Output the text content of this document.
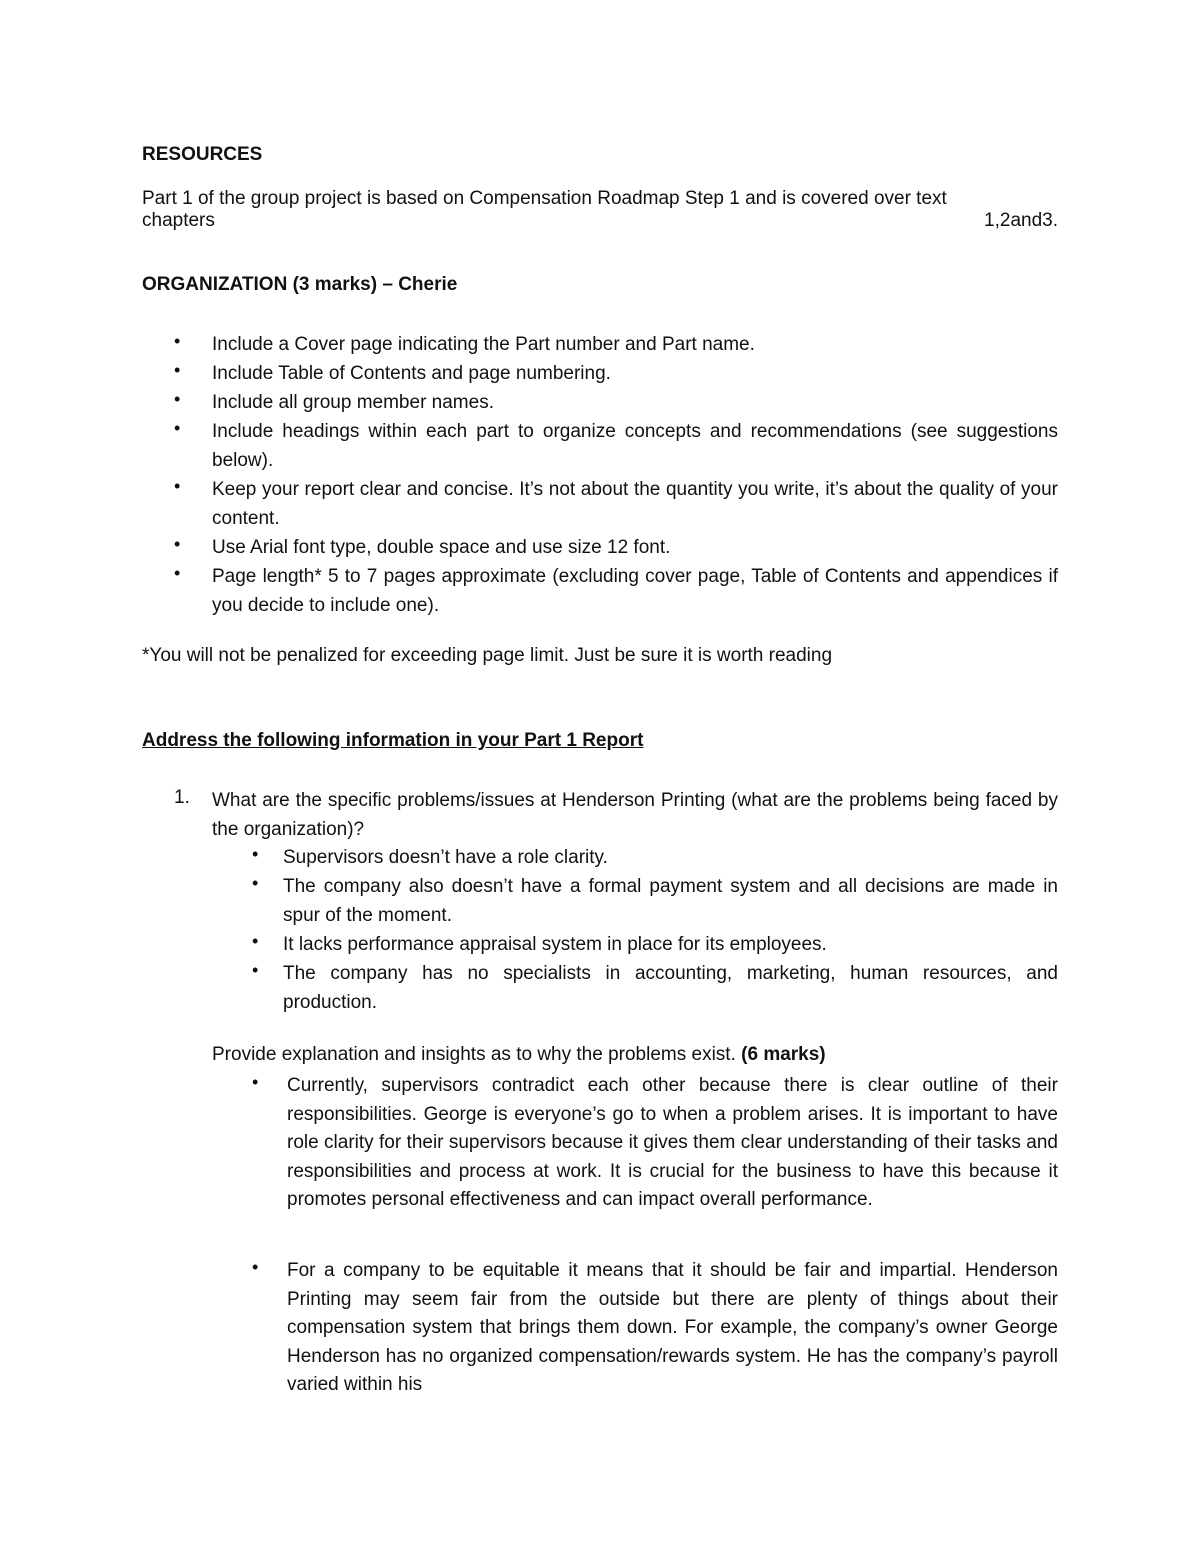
RESOURCES
Part 1 of the group project is based on Compensation Roadmap Step 1 and is covered over text
chapters	1,2and3.
ORGANIZATION (3 marks) – Cherie
• Include a Cover page indicating the Part number and Part name.
• Include Table of Contents and page numbering.
• Include all group member names.
• Include headings within each part to organize concepts and recommendations (see suggestions below).
• Keep your report clear and concise. It’s not about the quantity you write, it’s about the quality of your content.
• Use Arial font type, double space and use size 12 font.
• Page length* 5 to 7 pages approximate (excluding cover page, Table of Contents and appendices if you decide to include one).
*You will not be penalized for exceeding page limit. Just be sure it is worth reading
Address the following information in your Part 1 Report
1. What are the specific problems/issues at Henderson Printing (what are the problems being faced by the organization)?
• Supervisors doesn’t have a role clarity.
• The company also doesn’t have a formal payment system and all decisions are made in spur of the moment.
• It lacks performance appraisal system in place for its employees.
• The company has no specialists in accounting, marketing, human resources, and production.
Provide explanation and insights as to why the problems exist. (6 marks)
• Currently, supervisors contradict each other because there is clear outline of their responsibilities. George is everyone’s go to when a problem arises. It is important to have role clarity for their supervisors because it gives them clear understanding of their tasks and responsibilities and process at work. It is crucial for the business to have this because it promotes personal effectiveness and can impact overall performance.
• For a company to be equitable it means that it should be fair and impartial. Henderson Printing may seem fair from the outside but there are plenty of things about their compensation system that brings them down. For example, the company’s owner George Henderson has no organized compensation/rewards system. He has the company’s payroll varied within his
